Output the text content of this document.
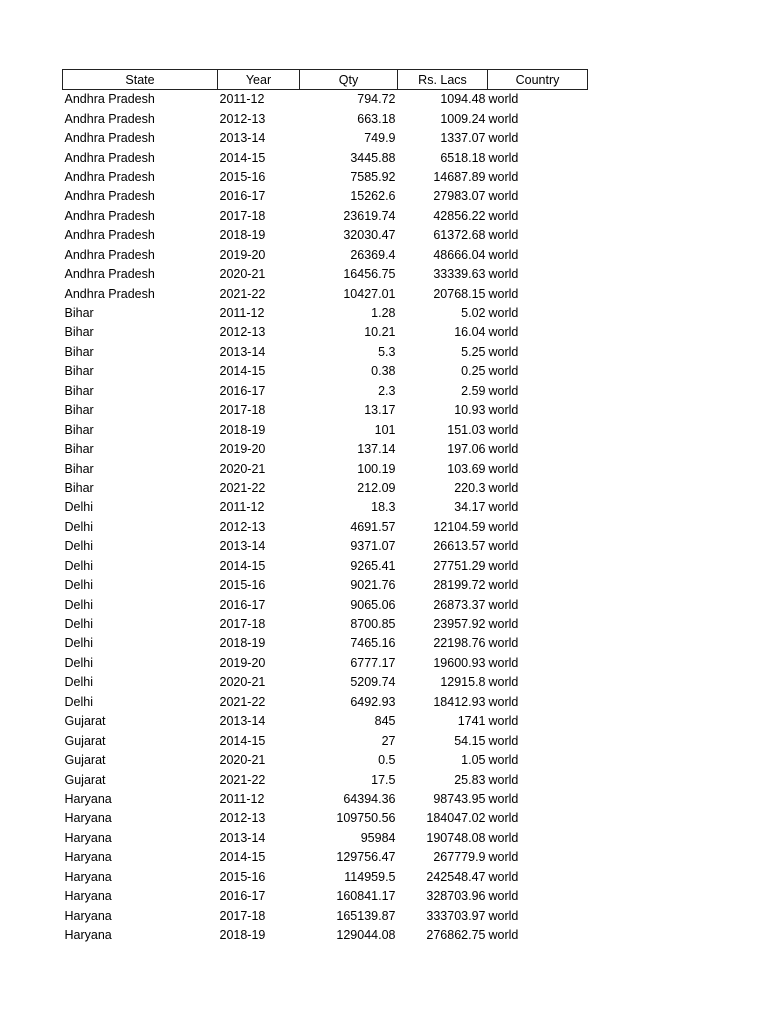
State	Year	Qty	Rs. Lacs	Country
Andhra Pradesh	2011-12	794.72	1094.48	world
Andhra Pradesh	2012-13	663.18	1009.24	world
Andhra Pradesh	2013-14	749.9	1337.07	world
Andhra Pradesh	2014-15	3445.88	6518.18	world
Andhra Pradesh	2015-16	7585.92	14687.89	world
Andhra Pradesh	2016-17	15262.6	27983.07	world
Andhra Pradesh	2017-18	23619.74	42856.22	world
Andhra Pradesh	2018-19	32030.47	61372.68	world
Andhra Pradesh	2019-20	26369.4	48666.04	world
Andhra Pradesh	2020-21	16456.75	33339.63	world
Andhra Pradesh	2021-22	10427.01	20768.15	world
Bihar	2011-12	1.28	5.02	world
Bihar	2012-13	10.21	16.04	world
Bihar	2013-14	5.3	5.25	world
Bihar	2014-15	0.38	0.25	world
Bihar	2016-17	2.3	2.59	world
Bihar	2017-18	13.17	10.93	world
Bihar	2018-19	101	151.03	world
Bihar	2019-20	137.14	197.06	world
Bihar	2020-21	100.19	103.69	world
Bihar	2021-22	212.09	220.3	world
Delhi	2011-12	18.3	34.17	world
Delhi	2012-13	4691.57	12104.59	world
Delhi	2013-14	9371.07	26613.57	world
Delhi	2014-15	9265.41	27751.29	world
Delhi	2015-16	9021.76	28199.72	world
Delhi	2016-17	9065.06	26873.37	world
Delhi	2017-18	8700.85	23957.92	world
Delhi	2018-19	7465.16	22198.76	world
Delhi	2019-20	6777.17	19600.93	world
Delhi	2020-21	5209.74	12915.8	world
Delhi	2021-22	6492.93	18412.93	world
Gujarat	2013-14	845	1741	world
Gujarat	2014-15	27	54.15	world
Gujarat	2020-21	0.5	1.05	world
Gujarat	2021-22	17.5	25.83	world
Haryana	2011-12	64394.36	98743.95	world
Haryana	2012-13	109750.56	184047.02	world
Haryana	2013-14	95984	190748.08	world
Haryana	2014-15	129756.47	267779.9	world
Haryana	2015-16	114959.5	242548.47	world
Haryana	2016-17	160841.17	328703.96	world
Haryana	2017-18	165139.87	333703.97	world
Haryana	2018-19	129044.08	276862.75	world
